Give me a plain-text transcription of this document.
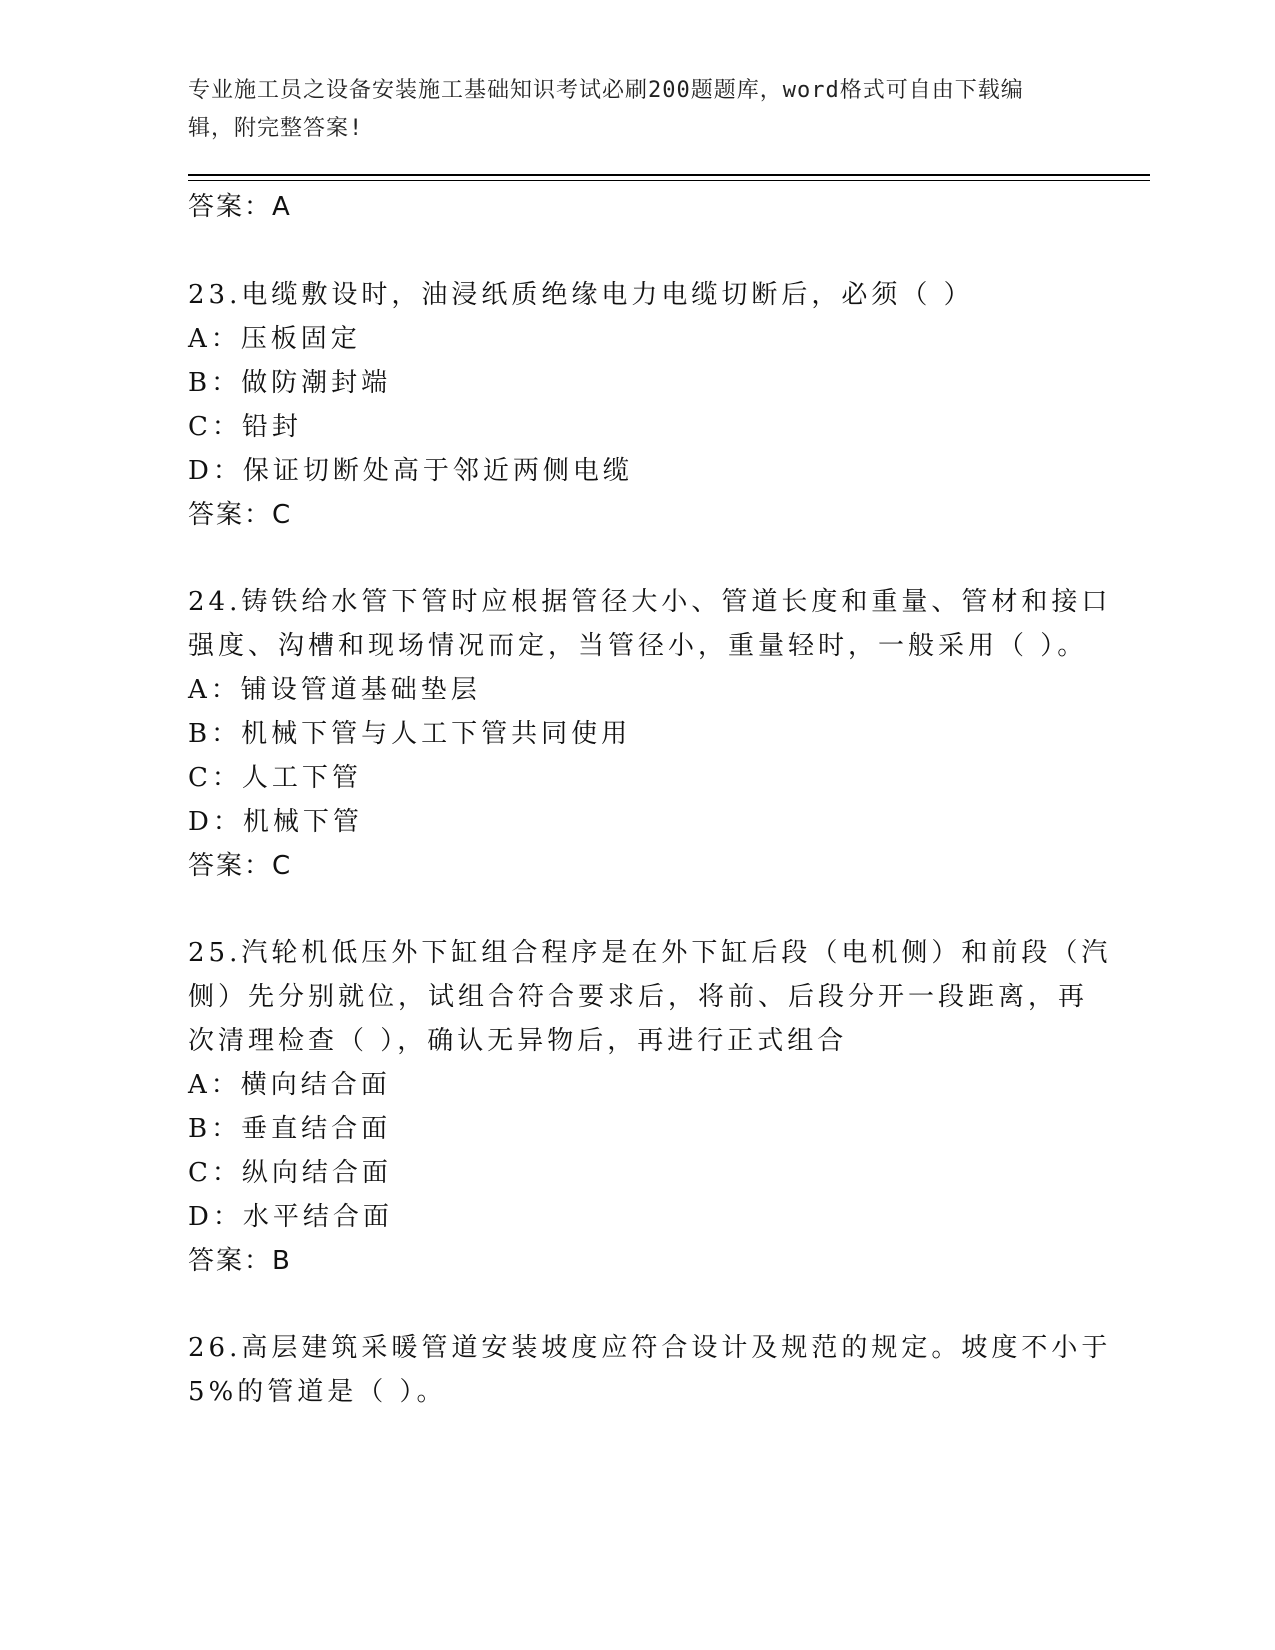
专业施工员之设备安装施工基础知识考试必刷200题题库，word格式可自由下载编辑，附完整答案!
答案：A
23.电缆敷设时，油浸纸质绝缘电力电缆切断后，必须（ ）
A：压板固定
B：做防潮封端
C：铅封
D：保证切断处高于邻近两侧电缆
答案：C
24.铸铁给水管下管时应根据管径大小、管道长度和重量、管材和接口
强度、沟槽和现场情况而定，当管径小，重量轻时，一般采用（ ）。
A：铺设管道基础垫层
B：机械下管与人工下管共同使用
C：人工下管
D：机械下管
答案：C
25.汽轮机低压外下缸组合程序是在外下缸后段（电机侧）和前段（汽
侧）先分别就位，试组合符合要求后，将前、后段分开一段距离，再
次清理检查（ ），确认无异物后，再进行正式组合
A：横向结合面
B：垂直结合面
C：纵向结合面
D：水平结合面
答案：B
26.高层建筑采暖管道安装坡度应符合设计及规范的规定。坡度不小于
5%的管道是（ ）。
